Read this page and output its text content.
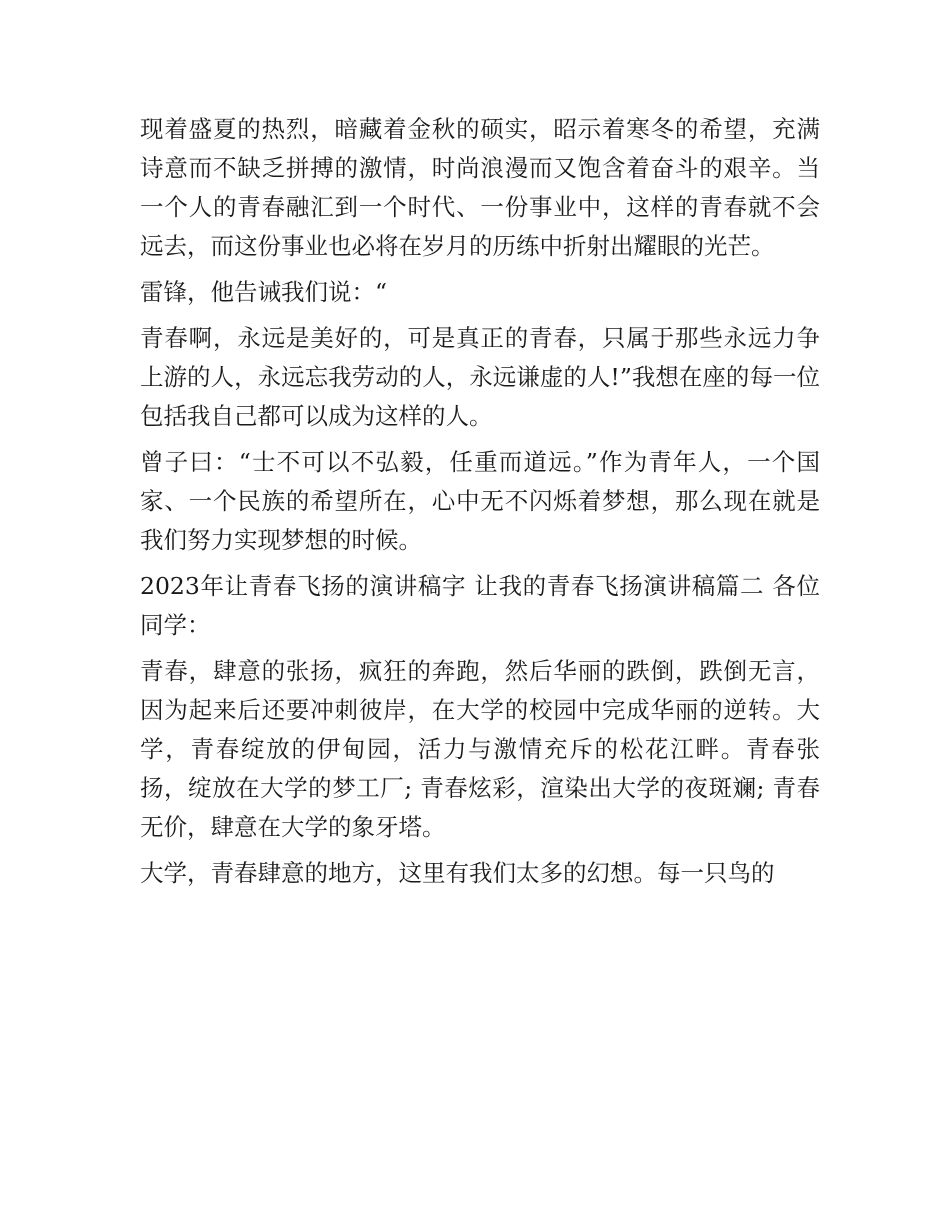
现着盛夏的热烈，暗藏着金秋的硕实，昭示着寒冬的希望，充满诗意而不缺乏拼搏的激情，时尚浪漫而又饱含着奋斗的艰辛。当一个人的青春融汇到一个时代、一份事业中，这样的青春就不会远去，而这份事业也必将在岁月的历练中折射出耀眼的光芒。

雷锋，他告诫我们说：“

青春啊，永远是美好的，可是真正的青春，只属于那些永远力争上游的人，永远忘我劳动的人，永远谦虚的人!”我想在座的每一位包括我自己都可以成为这样的人。

曾子曰：“士不可以不弘毅，任重而道远。”作为青年人，一个国家、一个民族的希望所在，心中无不闪烁着梦想，那么现在就是我们努力实现梦想的时候。

2023年让青春飞扬的演讲稿字 让我的青春飞扬演讲稿篇二 各位同学：

青春，肆意的张扬，疯狂的奔跑，然后华丽的跌倒，跌倒无言，因为起来后还要冲刺彼岸，在大学的校园中完成华丽的逆转。大学，青春绽放的伊甸园，活力与激情充斥的松花江畔。青春张扬，绽放在大学的梦工厂; 青春炫彩，渲染出大学的夜斑斓; 青春无价，肆意在大学的象牙塔。

大学，青春肆意的地方，这里有我们太多的幻想。每一只鸟的
